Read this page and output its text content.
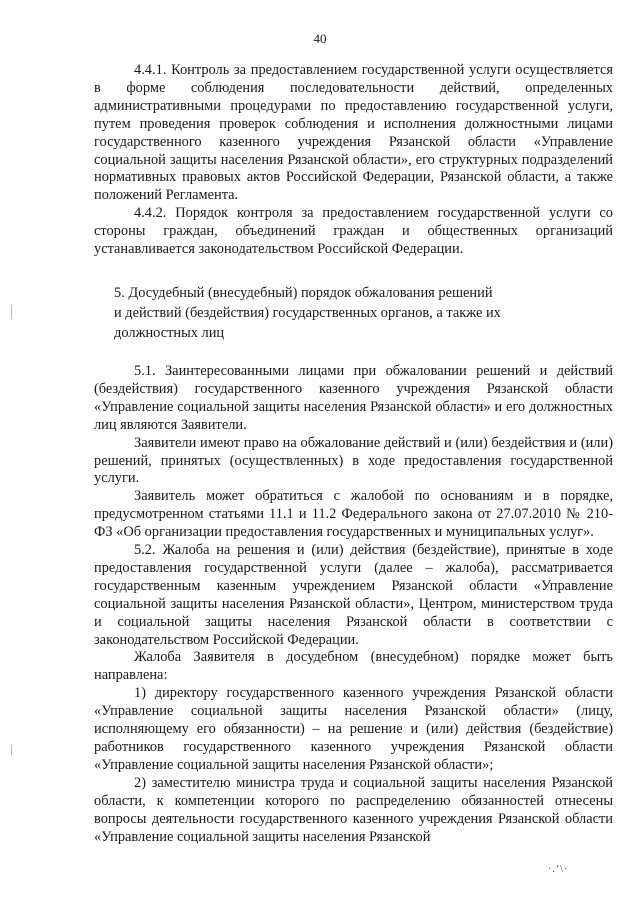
40

4.4.1. Контроль за предоставлением государственной услуги осуществляется в форме соблюдения последовательности действий, определенных административными процедурами по предоставлению государственной услуги, путем проведения проверок соблюдения и исполнения должностными лицами государственного казенного учреждения Рязанской области «Управление социальной защиты населения Рязанской области», его структурных подразделений нормативных правовых актов Российской Федерации, Рязанской области, а также положений Регламента.

4.4.2. Порядок контроля за предоставлением государственной услуги со стороны граждан, объединений граждан и общественных организаций устанавливается законодательством Российской Федерации.

5. Досудебный (внесудебный) порядок обжалования решений
и действий (бездействия) государственных органов, а также их
должностных лиц

5.1. Заинтересованными лицами при обжаловании решений и действий (бездействия) государственного казенного учреждения Рязанской области «Управление социальной защиты населения Рязанской области» и его должностных лиц являются Заявители.

Заявители имеют право на обжалование действий и (или) бездействия и (или) решений, принятых (осуществленных) в ходе предоставления государственной услуги.

Заявитель может обратиться с жалобой по основаниям и в порядке, предусмотренном статьями 11.1 и 11.2 Федерального закона от 27.07.2010 № 210-ФЗ «Об организации предоставления государственных и муниципальных услуг».

5.2. Жалоба на решения и (или) действия (бездействие), принятые в ходе предоставления государственной услуги (далее – жалоба), рассматривается государственным казенным учреждением Рязанской области «Управление социальной защиты населения Рязанской области», Центром, министерством труда и социальной защиты населения Рязанской области в соответствии с законодательством Российской Федерации.

Жалоба Заявителя в досудебном (внесудебном) порядке может быть направлена:

1) директору государственного казенного учреждения Рязанской области «Управление социальной защиты населения Рязанской области» (лицу, исполняющему его обязанности) – на решение и (или) действия (бездействие) работников государственного казенного учреждения Рязанской области «Управление социальной защиты населения Рязанской области»;

2) заместителю министра труда и социальной защиты населения Рязанской области, к компетенции которого по распределению обязанностей отнесены вопросы деятельности государственного казенного учреждения Рязанской области «Управление социальной защиты населения Рязанской

·.ʼ\·
